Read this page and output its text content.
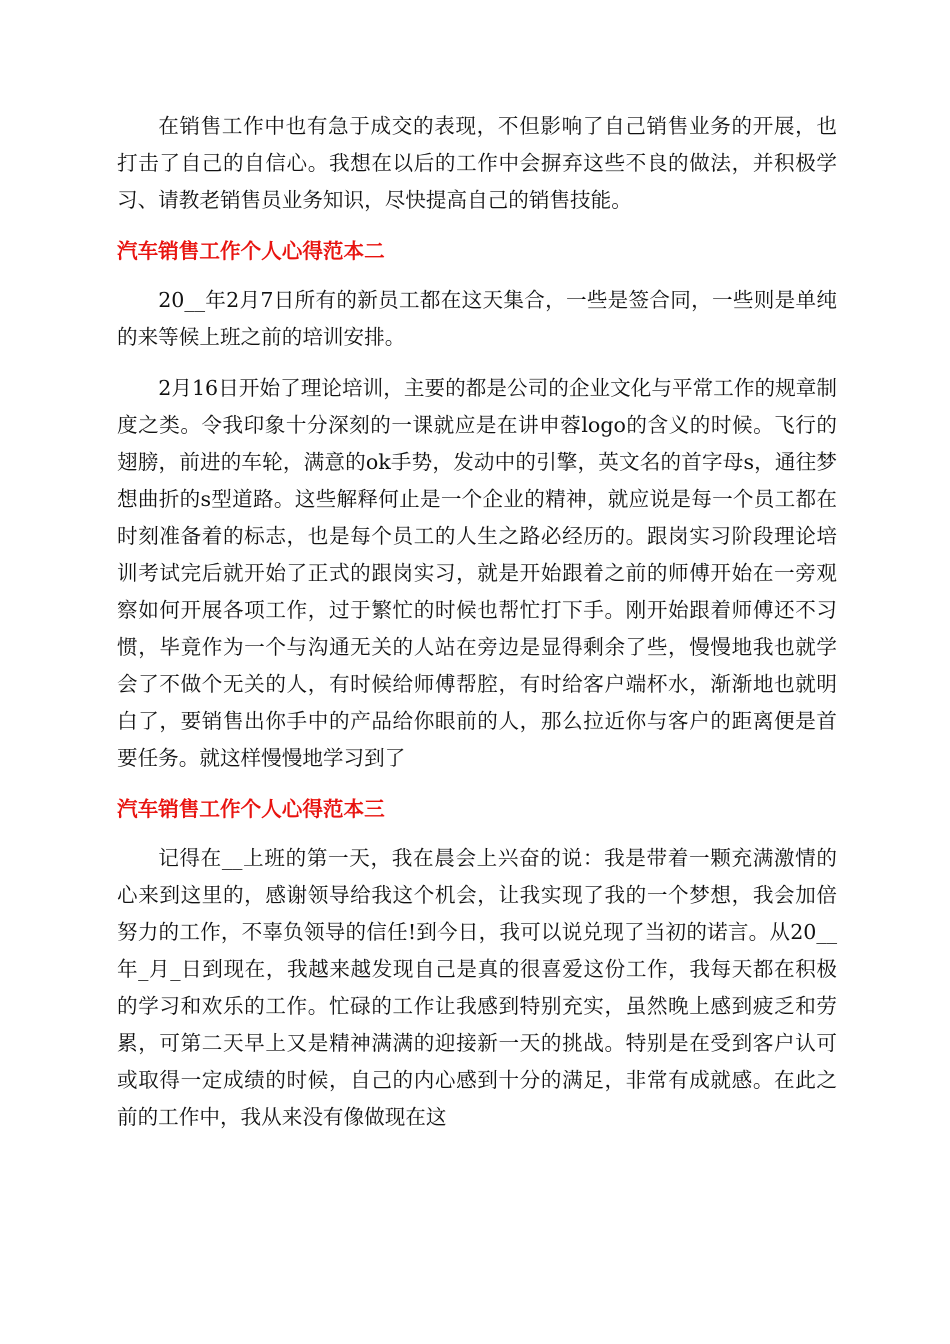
在销售工作中也有急于成交的表现，不但影响了自己销售业务的开展，也打击了自己的自信心。我想在以后的工作中会摒弃这些不良的做法，并积极学习、请教老销售员业务知识，尽快提高自己的销售技能。

汽车销售工作个人心得范本二

20__年2月7日所有的新员工都在这天集合，一些是签合同，一些则是单纯的来等候上班之前的培训安排。

2月16日开始了理论培训，主要的都是公司的企业文化与平常工作的规章制度之类。令我印象十分深刻的一课就应是在讲申蓉logo的含义的时候。飞行的翅膀，前进的车轮，满意的ok手势，发动中的引擎，英文名的首字母s，通往梦想曲折的s型道路。这些解释何止是一个企业的精神，就应说是每一个员工都在时刻准备着的标志，也是每个员工的人生之路必经历的。跟岗实习阶段理论培训考试完后就开始了正式的跟岗实习，就是开始跟着之前的师傅开始在一旁观察如何开展各项工作，过于繁忙的时候也帮忙打下手。刚开始跟着师傅还不习惯，毕竟作为一个与沟通无关的人站在旁边是显得剩余了些，慢慢地我也就学会了不做个无关的人，有时候给师傅帮腔，有时给客户端杯水，渐渐地也就明白了，要销售出你手中的产品给你眼前的人，那么拉近你与客户的距离便是首要任务。就这样慢慢地学习到了

汽车销售工作个人心得范本三

记得在__上班的第一天，我在晨会上兴奋的说：我是带着一颗充满激情的心来到这里的，感谢领导给我这个机会，让我实现了我的一个梦想，我会加倍努力的工作，不辜负领导的信任!到今日，我可以说兑现了当初的诺言。从20__年_月_日到现在，我越来越发现自己是真的很喜爱这份工作，我每天都在积极的学习和欢乐的工作。忙碌的工作让我感到特别充实，虽然晚上感到疲乏和劳累，可第二天早上又是精神满满的迎接新一天的挑战。特别是在受到客户认可或取得一定成绩的时候，自己的内心感到十分的满足，非常有成就感。在此之前的工作中，我从来没有像做现在这
